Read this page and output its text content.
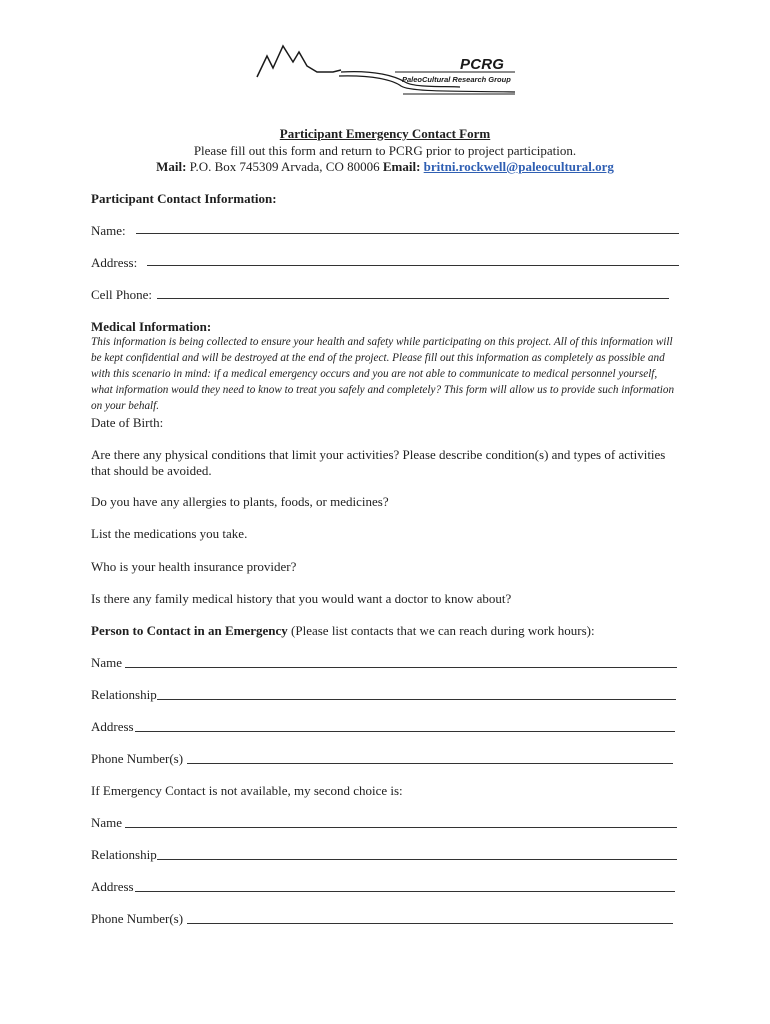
PCRG
PaleoCultural Research Group
Participant Emergency Contact Form
Please fill out this form and return to PCRG prior to project participation.
Mail: P.O. Box 745309 Arvada, CO 80006 Email: britni.rockwell@paleocultural.org
Participant Contact Information:
Name:
Address:
Cell Phone:
Medical Information:
This information is being collected to ensure your health and safety while participating on this project. All of this information will be kept confidential and will be destroyed at the end of the project. Please fill out this information as completely as possible and with this scenario in mind: if a medical emergency occurs and you are not able to communicate to medical personnel yourself, what information would they need to know to treat you safely and completely? This form will allow us to provide such information on your behalf.
Date of Birth:
Are there any physical conditions that limit your activities? Please describe condition(s) and types of activities that should be avoided.
Do you have any allergies to plants, foods, or medicines?
List the medications you take.
Who is your health insurance provider?
Is there any family medical history that you would want a doctor to know about?
Person to Contact in an Emergency (Please list contacts that we can reach during work hours):
Name
Relationship
Address
Phone Number(s)
If Emergency Contact is not available, my second choice is:
Name
Relationship
Address
Phone Number(s)
